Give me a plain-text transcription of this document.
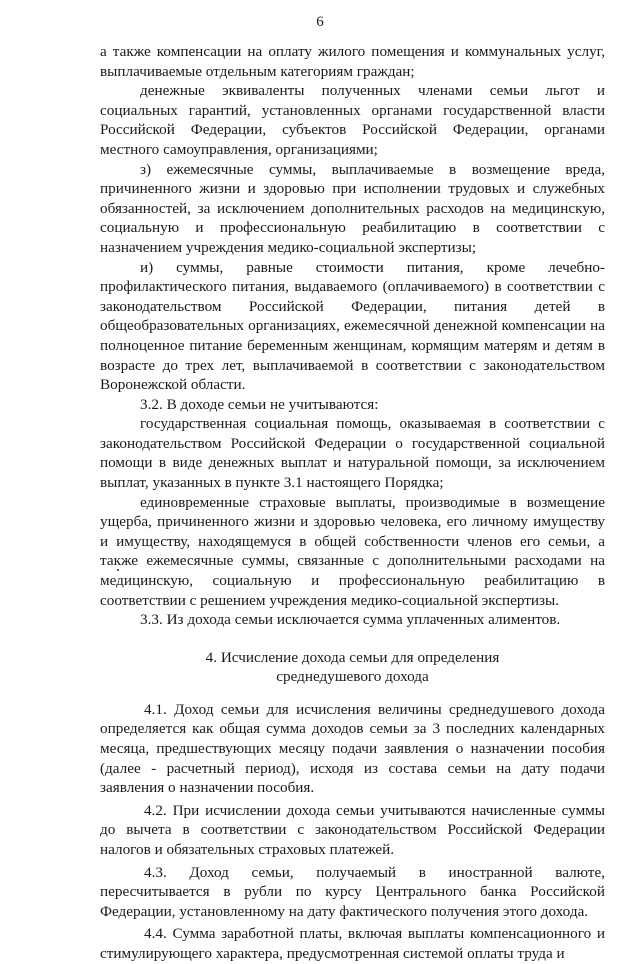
6

а также компенсации на оплату жилого помещения и коммунальных услуг, выплачиваемые отдельным категориям граждан;

денежные эквиваленты полученных членами семьи льгот и социальных гарантий, установленных органами государственной власти Российской Федерации, субъектов Российской Федерации, органами местного самоуправления, организациями;

з) ежемесячные суммы, выплачиваемые в возмещение вреда, причиненного жизни и здоровью при исполнении трудовых и служебных обязанностей, за исключением дополнительных расходов на медицинскую, социальную и профессиональную реабилитацию в соответствии с назначением учреждения медико-социальной экспертизы;

и) суммы, равные стоимости питания, кроме лечебно-профилактического питания, выдаваемого (оплачиваемого) в соответствии с законодательством Российской Федерации, питания детей в общеобразовательных организациях, ежемесячной денежной компенсации на полноценное питание беременным женщинам, кормящим матерям и детям в возрасте до трех лет, выплачиваемой в соответствии с законодательством Воронежской области.

3.2. В доходе семьи не учитываются:

государственная социальная помощь, оказываемая в соответствии с законодательством Российской Федерации о государственной социальной помощи в виде денежных выплат и натуральной помощи, за исключением выплат, указанных в пункте 3.1 настоящего Порядка;

единовременные страховые выплаты, производимые в возмещение ущерба, причиненного жизни и здоровью человека, его личному имуществу и имуществу, находящемуся в общей собственности членов его семьи, а также ежемесячные суммы, связанные с дополнительными расходами на медицинскую, социальную и профессиональную реабилитацию в соответствии с решением учреждения медико-социальной экспертизы.

3.3. Из дохода семьи исключается сумма уплаченных алиментов.

4. Исчисление дохода семьи для определения
среднедушевого дохода

4.1. Доход семьи для исчисления величины среднедушевого дохода определяется как общая сумма доходов семьи за 3 последних календарных месяца, предшествующих месяцу подачи заявления о назначении пособия (далее - расчетный период), исходя из состава семьи на дату подачи заявления о назначении пособия.

4.2. При исчислении дохода семьи учитываются начисленные суммы до вычета в соответствии с законодательством Российской Федерации налогов и обязательных страховых платежей.

4.3. Доход семьи, получаемый в иностранной валюте, пересчитывается в рубли по курсу Центрального банка Российской Федерации, установленному на дату фактического получения этого дохода.

4.4. Сумма заработной платы, включая выплаты компенсационного и стимулирующего характера, предусмотренная системой оплаты труда и
